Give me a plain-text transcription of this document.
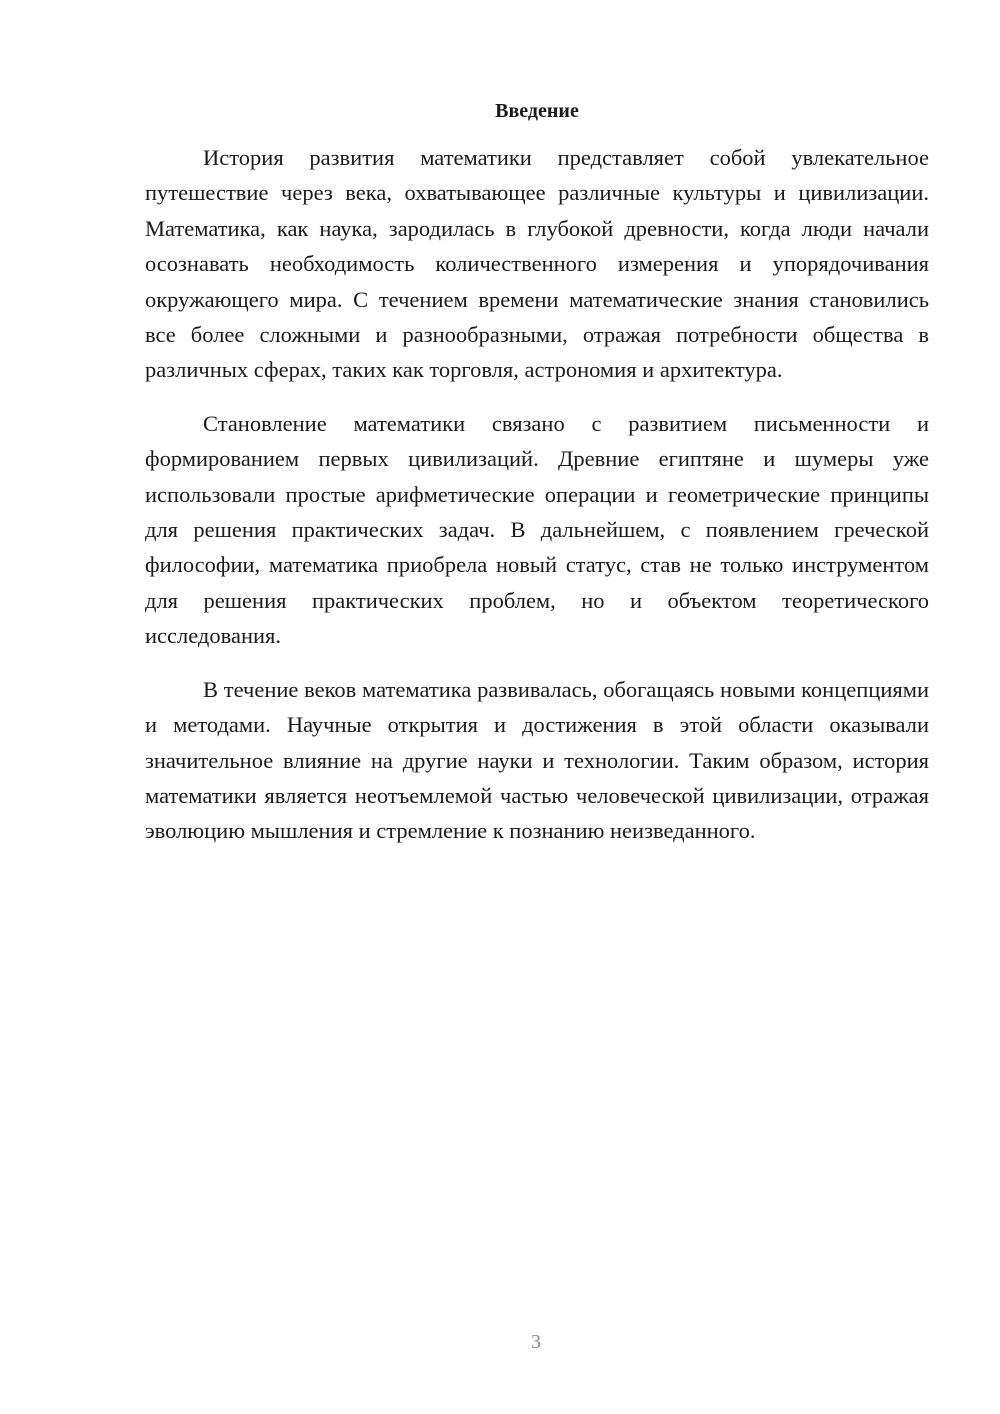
Введение

История развития математики представляет собой увлекательное путешествие через века, охватывающее различные культуры и цивилизации. Математика, как наука, зародилась в глубокой древности, когда люди начали осознавать необходимость количественного измерения и упорядочивания окружающего мира. С течением времени математические знания становились все более сложными и разнообразными, отражая потребности общества в различных сферах, таких как торговля, астрономия и архитектура.

Становление математики связано с развитием письменности и формированием первых цивилизаций. Древние египтяне и шумеры уже использовали простые арифметические операции и геометрические принципы для решения практических задач. В дальнейшем, с появлением греческой философии, математика приобрела новый статус, став не только инструментом для решения практических проблем, но и объектом теоретического исследования.

В течение веков математика развивалась, обогащаясь новыми концепциями и методами. Научные открытия и достижения в этой области оказывали значительное влияние на другие науки и технологии. Таким образом, история математики является неотъемлемой частью человеческой цивилизации, отражая эволюцию мышления и стремление к познанию неизведанного.

3
